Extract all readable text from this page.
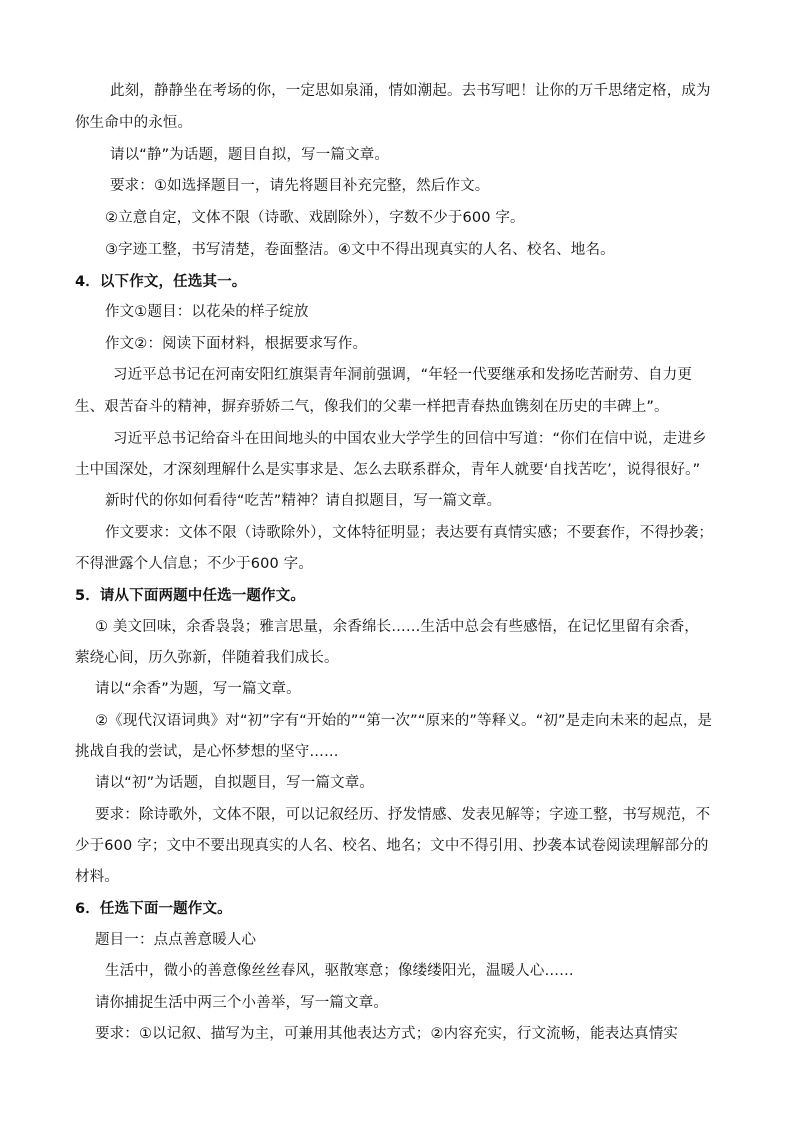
此刻，静静坐在考场的你，一定思如泉涌，情如潮起。去书写吧！让你的万千思绪定格，成为
你生命中的永恒。
请以“静”为话题，题目自拟，写一篇文章。
要求：①如选择题目一，请先将题目补充完整，然后作文。
②立意自定，文体不限（诗歌、戏剧除外），字数不少于600 字。
③字迹工整，书写清楚，卷面整洁。④文中不得出现真实的人名、校名、地名。
4．以下作文，任选其一。
作文①题目：以花朵的样子绽放
作文②：阅读下面材料，根据要求写作。
习近平总书记在河南安阳红旗渠青年洞前强调，“年轻一代要继承和发扬吃苦耐劳、自力更
生、艰苦奋斗的精神，摒弃骄娇二气，像我们的父辈一样把青春热血镌刻在历史的丰碑上”。
习近平总书记给奋斗在田间地头的中国农业大学学生的回信中写道：“你们在信中说，走进乡
土中国深处，才深刻理解什么是实事求是、怎么去联系群众，青年人就要‘自找苦吃’，说得很好。”
新时代的你如何看待“吃苦”精神？请自拟题目，写一篇文章。
作文要求：文体不限（诗歌除外），文体特征明显；表达要有真情实感；不要套作，不得抄袭；
不得泄露个人信息；不少于600 字。
5．请从下面两题中任选一题作文。
① 美文回味，余香袅袅；雅言思量，余香绵长……生活中总会有些感悟，在记忆里留有余香，
萦绕心间，历久弥新，伴随着我们成长。
请以“余香”为题，写一篇文章。
②《现代汉语词典》对“初”字有“开始的”“第一次”“原来的”等释义。“初”是走向未来的起点，是
挑战自我的尝试，是心怀梦想的坚守……
请以“初”为话题，自拟题目，写一篇文章。
要求：除诗歌外，文体不限，可以记叙经历、抒发情感、发表见解等；字迹工整，书写规范，不
少于600 字；文中不要出现真实的人名、校名、地名；文中不得引用、抄袭本试卷阅读理解部分的
材料。
6．任选下面一题作文。
题目一：点点善意暖人心
生活中，微小的善意像丝丝春风，驱散寒意；像缕缕阳光，温暖人心……
请你捕捉生活中两三个小善举，写一篇文章。
要求：①以记叙、描写为主，可兼用其他表达方式；②内容充实，行文流畅，能表达真情实
